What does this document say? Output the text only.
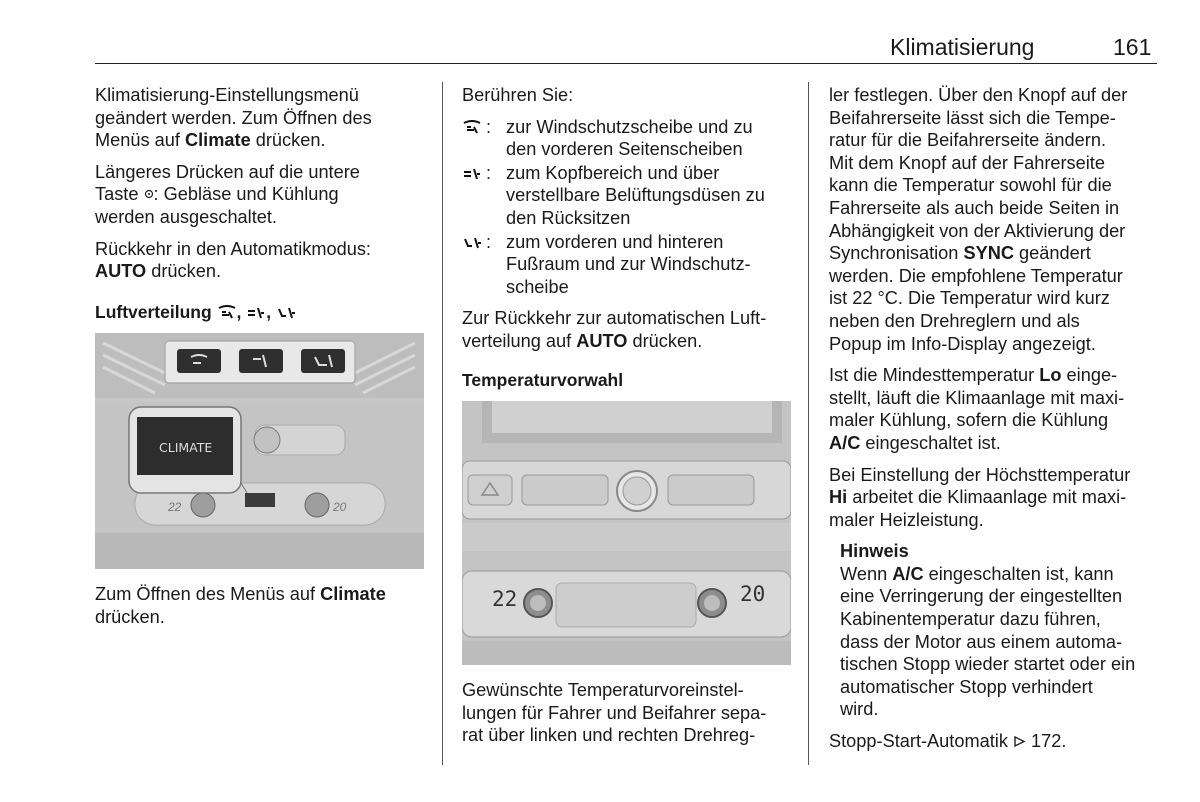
Klimatisierung	161

Klimatisierung-Einstellungsmenü
geändert werden. Zum Öffnen des
Menüs auf Climate drücken.

Längeres Drücken auf die untere
Taste : Gebläse und Kühlung
werden ausgeschaltet.

Rückkehr in den Automatikmodus:
AUTO drücken.

Luftverteilung , ,
CLIMATE
22	20

Zum Öffnen des Menüs auf Climate
drücken.

Berühren Sie:

: zur Windschutzscheibe und zu
den vorderen Seitenscheiben
: zum Kopfbereich und über
verstellbare Belüftungsdüsen zu
den Rücksitzen
: zum vorderen und hinteren
Fußraum und zur Windschutz-
scheibe

Zur Rückkehr zur automatischen Luft-
verteilung auf AUTO drücken.

Temperaturvorwahl
22	20

Gewünschte Temperaturvoreinstel-
lungen für Fahrer und Beifahrer sepa-
rat über linken und rechten Drehreg-

ler festlegen. Über den Knopf auf der
Beifahrerseite lässt sich die Tempe-
ratur für die Beifahrerseite ändern.
Mit dem Knopf auf der Fahrerseite
kann die Temperatur sowohl für die
Fahrerseite als auch beide Seiten in
Abhängigkeit von der Aktivierung der
Synchronisation SYNC geändert
werden. Die empfohlene Temperatur
ist 22 °C. Die Temperatur wird kurz
neben den Drehreglern und als
Popup im Info-Display angezeigt.

Ist die Mindesttemperatur Lo einge-
stellt, läuft die Klimaanlage mit maxi-
maler Kühlung, sofern die Kühlung
A/C eingeschaltet ist.

Bei Einstellung der Höchsttemperatur
Hi arbeitet die Klimaanlage mit maxi-
maler Heizleistung.

Hinweis
Wenn A/C eingeschalten ist, kann
eine Verringerung der eingestellten
Kabinentemperatur dazu führen,
dass der Motor aus einem automa-
tischen Stopp wieder startet oder ein
automatischer Stopp verhindert
wird.

Stopp-Start-Automatik  172.
